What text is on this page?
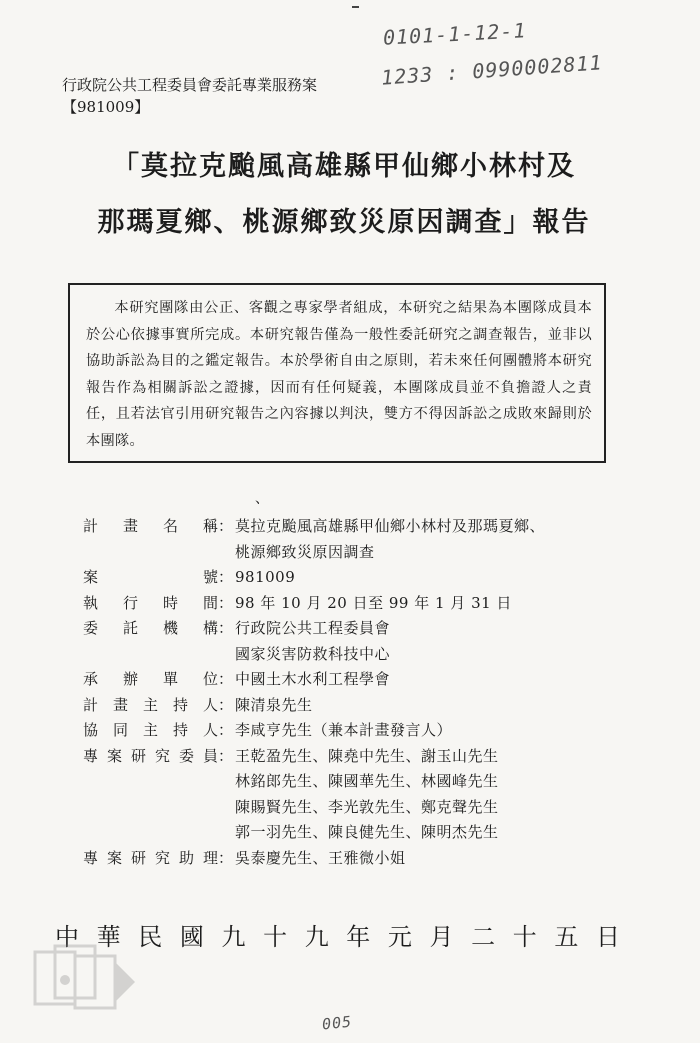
0101-1-12-1
1233 : 0990002811
行政院公共工程委員會委託專業服務案
【981009】
「莫拉克颱風高雄縣甲仙鄉小林村及
那瑪夏鄉、桃源鄉致災原因調查」報告

本研究團隊由公正、客觀之專家學者組成，本研究之結果為本團隊成員本於公心依據事實所完成。本研究報告僅為一般性委託研究之調查報告，並非以協助訴訟為目的之鑑定報告。本於學術自由之原則，若未來任何團體將本研究報告作為相關訴訟之證據，因而有任何疑義，本團隊成員並不負擔證人之責任，且若法官引用研究報告之內容據以判決，雙方不得因訴訟之成敗來歸則於本團隊。

、
計畫名稱 ： 莫拉克颱風高雄縣甲仙鄉小林村及那瑪夏鄉、
桃源鄉致災原因調查
案號 ： 981009
執行時間 ： 98 年 10 月 20 日至 99 年 1 月 31 日
委託機構 ： 行政院公共工程委員會
國家災害防救科技中心
承辦單位 ： 中國土木水利工程學會
計畫主持人 ： 陳清泉先生
協同主持人 ： 李咸亨先生（兼本計畫發言人）
專案研究委員 ： 王乾盈先生、陳堯中先生、謝玉山先生
林銘郎先生、陳國華先生、林國峰先生
陳賜賢先生、李光敦先生、鄭克聲先生
郭一羽先生、陳良健先生、陳明杰先生
專案研究助理 ： 吳泰慶先生、王雅微小姐
中華民國九十九年元月二十五日
005
